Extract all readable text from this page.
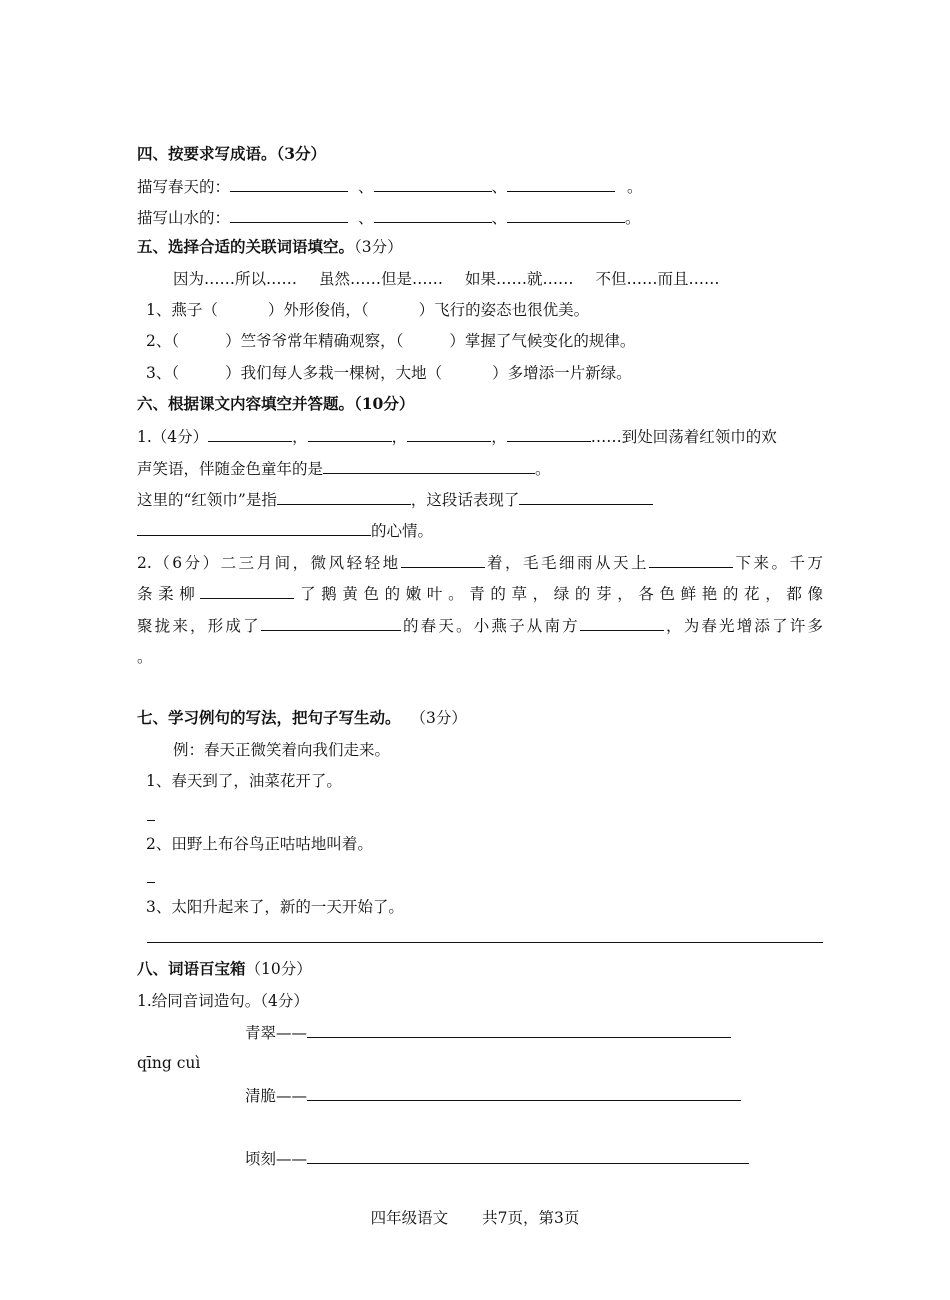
四、按要求写成语。（3分）
描写春天的：	、	、	。
描写山水的：	、	、	。
五、选择合适的关联词语填空。（3分）
因为……所以…… 虽然……但是…… 如果……就…… 不但……而且……
1、燕子（	）外形俊俏，（	）飞行的姿态也很优美。
2、（	）竺爷爷常年精确观察，（	）掌握了气候变化的规律。
3、（	）我们每人多栽一棵树，大地（	）多增添一片新绿。
六、根据课文内容填空并答题。（10分）
1.（4分）	，	，	，	……到处回荡着红领巾的欢
声笑语，伴随金色童年的是	。
这里的“红领巾”是指	，这段话表现了
的心情。
2.（6分）二三月间，微风轻轻地	着，毛毛细雨从天上	下来。千万
条柔柳	了鹅黄色的嫩叶。青的草，绿的芽，各色鲜艳的花，都像
聚拢来，形成了	的春天。小燕子从南方	，为春光增添了许多
。
七、学习例句的写法，把句子写生动。 （3分）
例：春天正微笑着向我们走来。
1、春天到了，油菜花开了。
2、田野上布谷鸟正咕咕地叫着。
3、太阳升起来了，新的一天开始了。
八、词语百宝箱（10分）
1.给同音词造句。（4分）
青翠——
qīng cuì
清脆——
顷刻——
四年级语文 共7页，第3页
